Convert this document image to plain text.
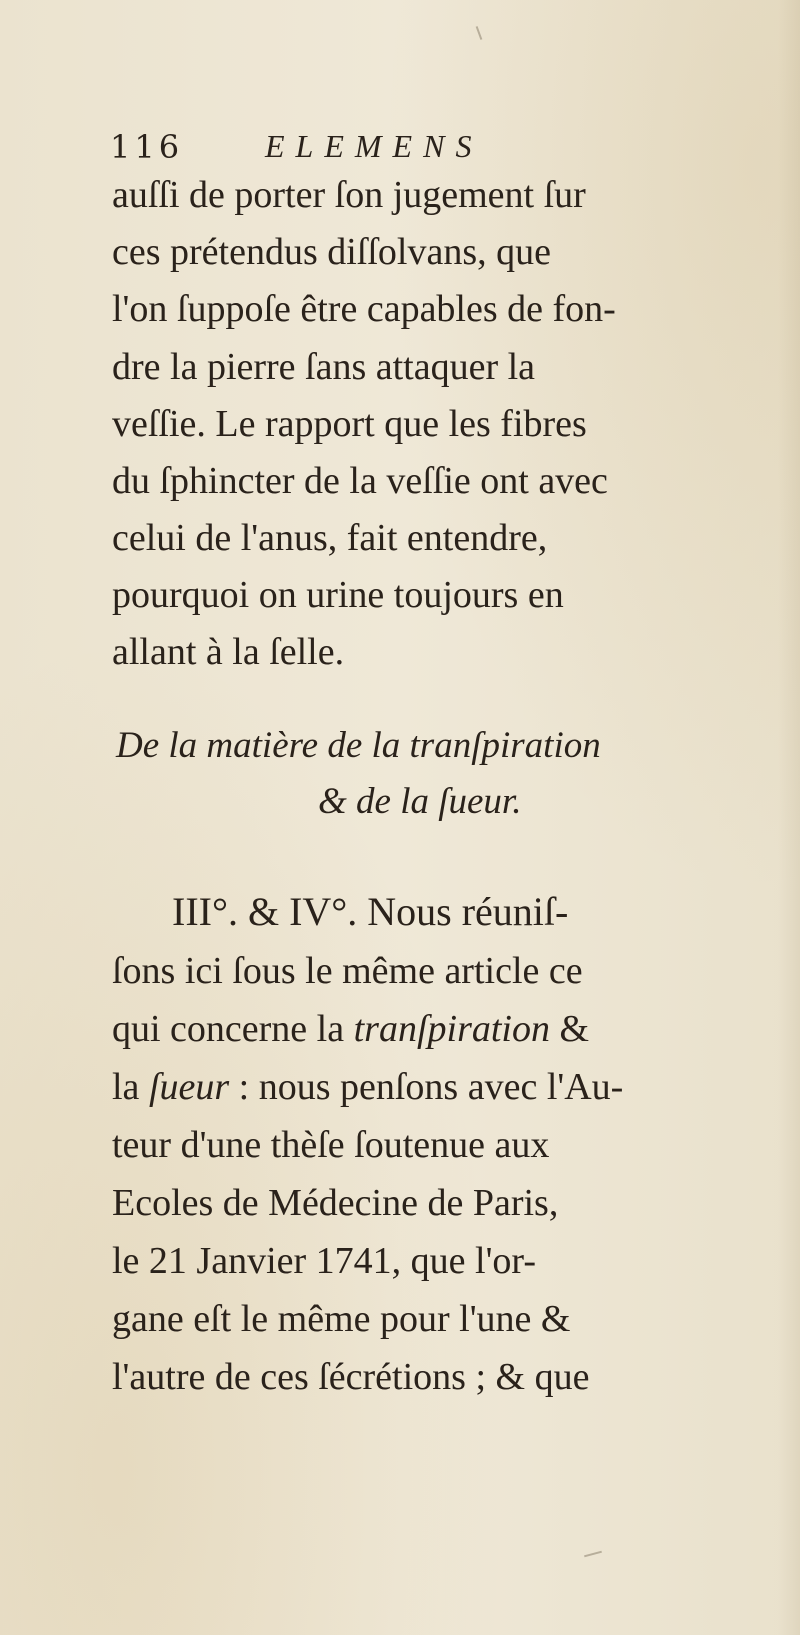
116	ELEMENS
auſſi de porter ſon jugement ſur
ces prétendus diſſolvans, que
l'on ſuppoſe être capables de fon-
dre la pierre ſans attaquer la
veſſie. Le rapport que les fibres
du ſphincter de la veſſie ont avec
celui de l'anus, fait entendre,
pourquoi on urine toujours en
allant à la ſelle.
De la matière de la tranſpiration
& de la ſueur.
III°. & IV°. Nous réuniſ-
ſons ici ſous le même article ce
qui concerne la tranſpiration &
la ſueur : nous penſons avec l'Au-
teur d'une thèſe ſoutenue aux
Ecoles de Médecine de Paris,
le 21 Janvier 1741, que l'or-
gane eſt le même pour l'une &
l'autre de ces ſécrétions ; & que
